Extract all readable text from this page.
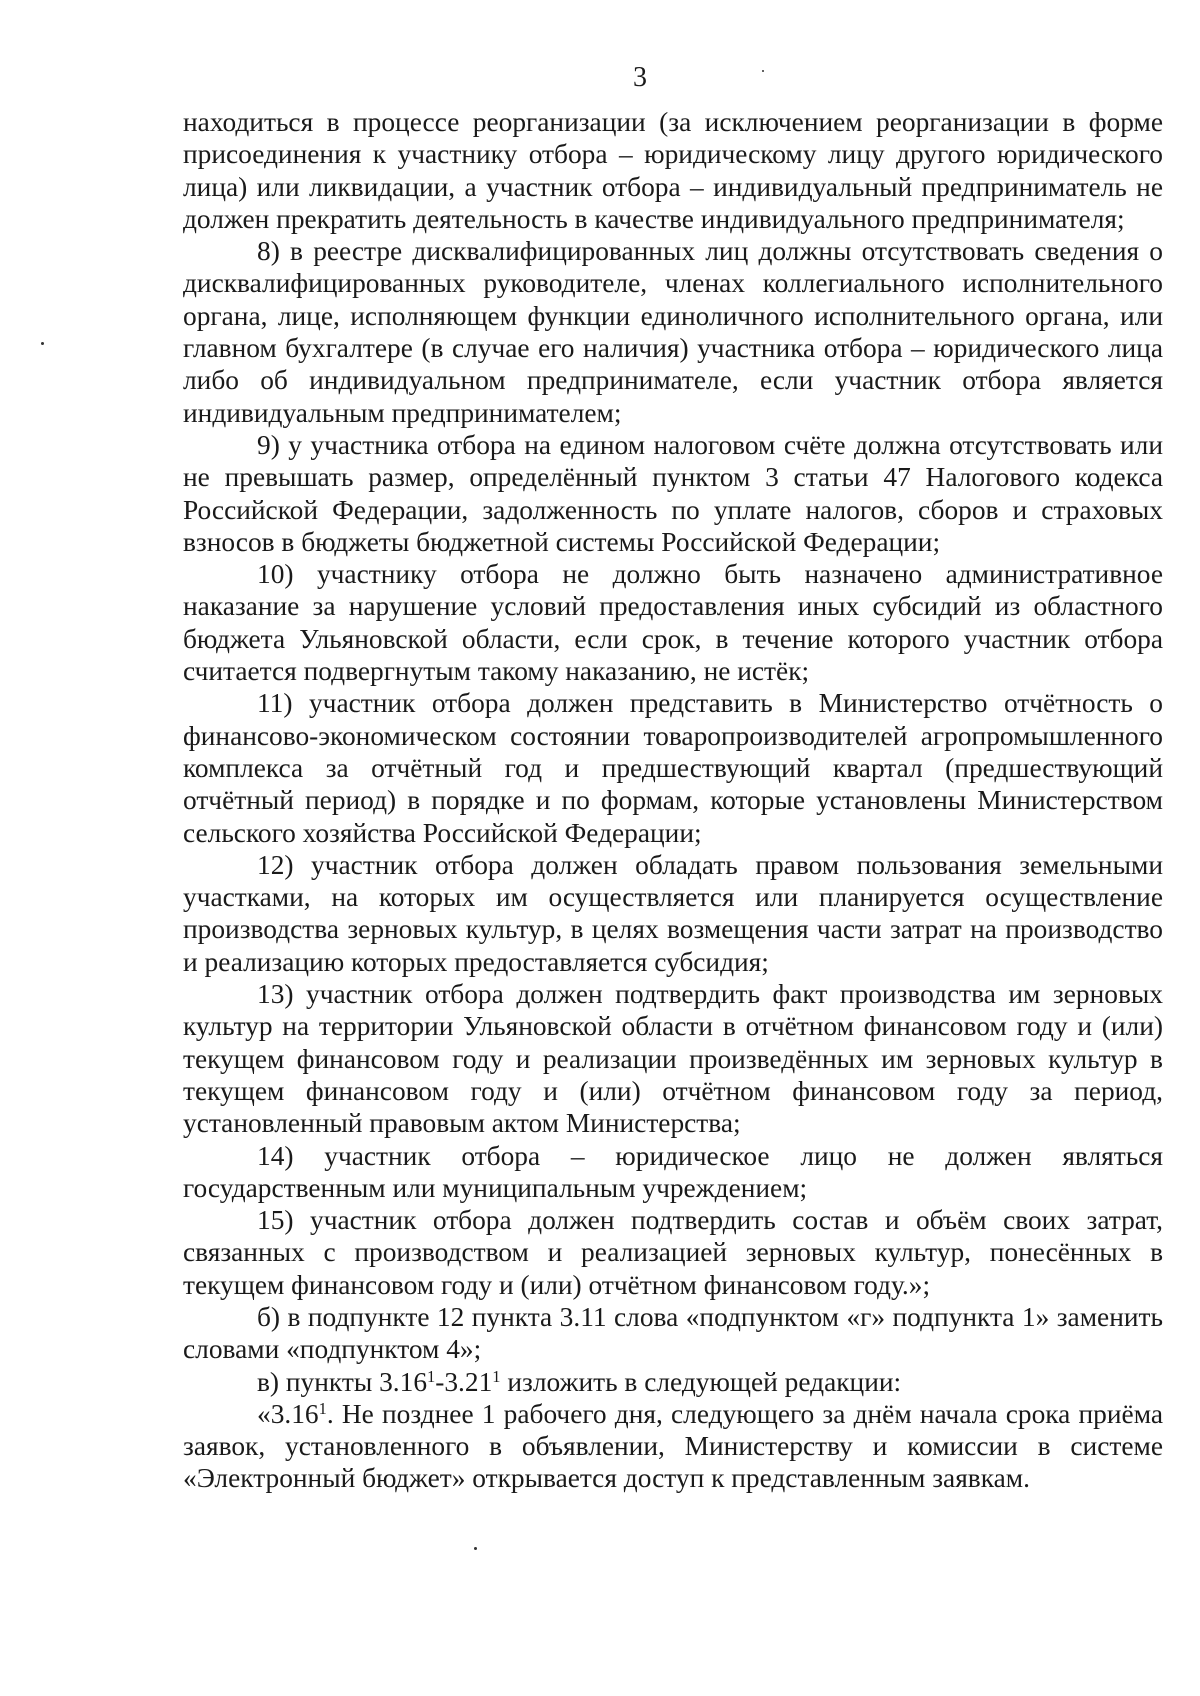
3

находиться в процессе реорганизации (за исключением реорганизации в форме присоединения к участнику отбора – юридическому лицу другого юридического лица) или ликвидации, а участник отбора – индивидуальный предприниматель не должен прекратить деятельность в качестве индивидуального предпринимателя;

8) в реестре дисквалифицированных лиц должны отсутствовать сведения о дисквалифицированных руководителе, членах коллегиального исполнительного органа, лице, исполняющем функции единоличного исполнительного органа, или главном бухгалтере (в случае его наличия) участника отбора – юридического лица либо об индивидуальном предпринимателе, если участник отбора является индивидуальным предпринимателем;

9) у участника отбора на едином налоговом счёте должна отсутствовать или не превышать размер, определённый пунктом 3 статьи 47 Налогового кодекса Российской Федерации, задолженность по уплате налогов, сборов и страховых взносов в бюджеты бюджетной системы Российской Федерации;

10) участнику отбора не должно быть назначено административное наказание за нарушение условий предоставления иных субсидий из областного бюджета Ульяновской области, если срок, в течение которого участник отбора считается подвергнутым такому наказанию, не истёк;

11) участник отбора должен представить в Министерство отчётность о финансово-экономическом состоянии товаропроизводителей агропромышленного комплекса за отчётный год и предшествующий квартал (предшествующий отчётный период) в порядке и по формам, которые установлены Министерством сельского хозяйства Российской Федерации;

12) участник отбора должен обладать правом пользования земельными участками, на которых им осуществляется или планируется осуществление производства зерновых культур, в целях возмещения части затрат на производство и реализацию которых предоставляется субсидия;

13) участник отбора должен подтвердить факт производства им зерновых культур на территории Ульяновской области в отчётном финансовом году и (или) текущем финансовом году и реализации произведённых им зерновых культур в текущем финансовом году и (или) отчётном финансовом году за период, установленный правовым актом Министерства;

14) участник отбора – юридическое лицо не должен являться государственным или муниципальным учреждением;

15) участник отбора должен подтвердить состав и объём своих затрат, связанных с производством и реализацией зерновых культур, понесённых в текущем финансовом году и (или) отчётном финансовом году.»;

б) в подпункте 12 пункта 3.11 слова «подпунктом «г» подпункта 1» заменить словами «подпунктом 4»;

в) пункты 3.16$^1$-3.21$^1$ изложить в следующей редакции:

«3.16$^1$. Не позднее 1 рабочего дня, следующего за днём начала срока приёма заявок, установленного в объявлении, Министерству и комиссии в системе «Электронный бюджет» открывается доступ к представленным заявкам.
